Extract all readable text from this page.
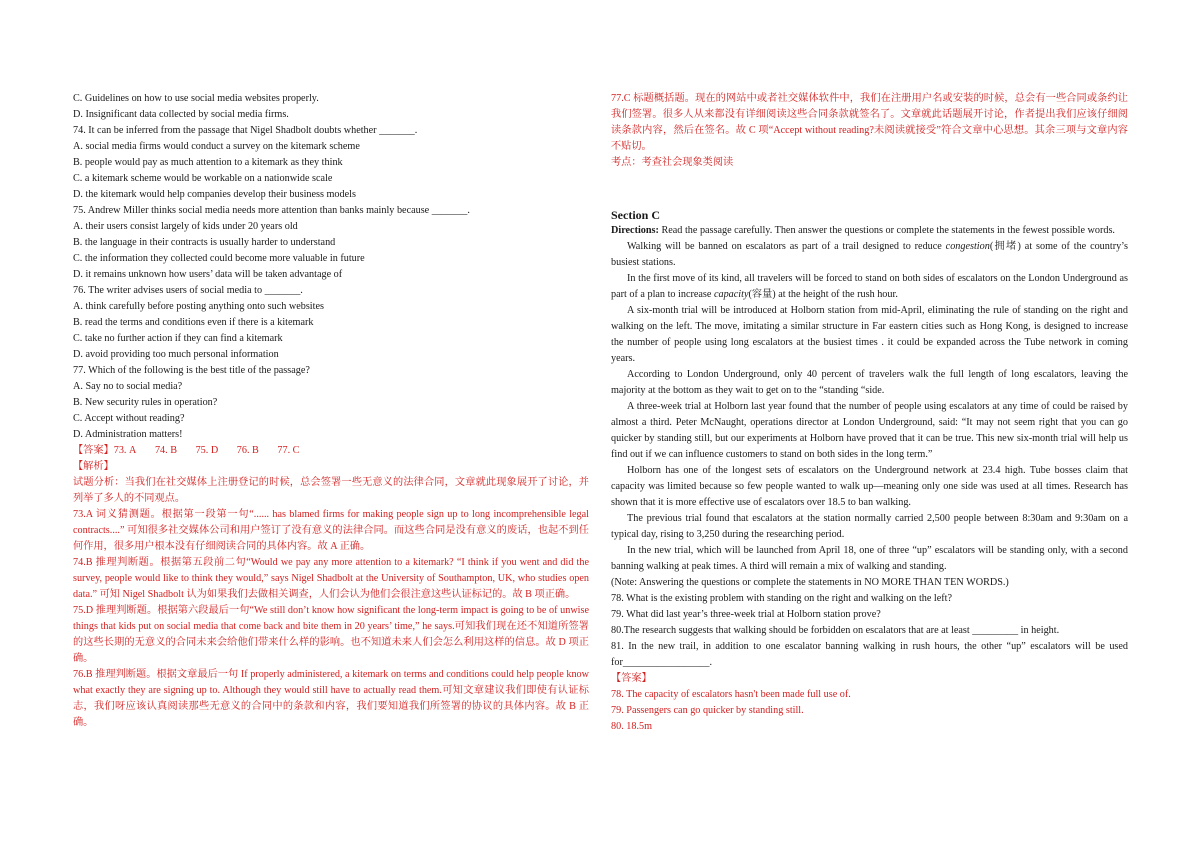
C. Guidelines on how to use social media websites properly.
D. Insignificant data collected by social media firms.
74. It can be inferred from the passage that Nigel Shadbolt doubts whether _______.
A. social media firms would conduct a survey on the kitemark scheme
B. people would pay as much attention to a kitemark as they think
C. a kitemark scheme would be workable on a nationwide scale
D. the kitemark would help companies develop their business models
75. Andrew Miller thinks social media needs more attention than banks mainly because _______.
A. their users consist largely of kids under 20 years old
B. the language in their contracts is usually harder to understand
C. the information they collected could become more valuable in future
D. it remains unknown how users’ data will be taken advantage of
76. The writer advises users of social media to _______.
A. think carefully before posting anything onto such websites
B. read the terms and conditions even if there is a kitemark
C. take no further action if they can find a kitemark
D. avoid providing too much personal information
77. Which of the following is the best title of the passage?
A. Say no to social media?
B. New security rules in operation?
C. Accept without reading?
D. Administration matters!
【答案】73. A 74. B 75. D 76. B 77. C
【解析】

试题分析：当我们在社交媒体上注册登记的时候，总会签署一些无意义的法律合同，文章就此现象展开了讨论，并列举了多人的不同观点。

73.A 词义猜测题。根据第一段第一句“...... has blamed firms for making people sign up to long incomprehensible legal contracts....” 可知很多社交媒体公司和用户签订了没有意义的法律合同。而这些合同是没有意义的废话，也起不到任何作用，很多用户根本没有仔细阅读合同的具体内容。故 A 正确。

74.B 推理判断题。根据第五段前二句“Would we pay any more attention to a kitemark? “I think if you went and did the survey, people would like to think they would,” says Nigel Shadbolt at the University of Southampton, UK, who studies open data.” 可知 Nigel Shadbolt 认为如果我们去做相关调查，人们会认为他们会很注意这些认证标记的。故 B 项正确。

75.D 推理判断题。根据第六段最后一句“We still don’t know how significant the long-term impact is going to be of unwise things that kids put on social media that come back and bite them in 20 years’ time,” he says.可知我们现在还不知道所签署的这些长期的无意义的合同未来会给他们带来什么样的影响。也不知道未来人们会怎么利用这样的信息。故 D 项正确。

76.B 推理判断题。根据文章最后一句 If properly administered, a kitemark on terms and conditions could help people know what exactly they are signing up to. Although they would still have to actually read them.可知文章建议我们即使有认证标志，我们呀应该认真阅读那些无意义的合同中的条款和内容，我们要知道我们所签署的协议的具体内容。故 B 正确。

77.C 标题概括题。现在的网站中或者社交媒体软件中，我们在注册用户名或安装的时候，总会有一些合同或条约让我们签署。很多人从来都没有详细阅读这些合同条款就签名了。文章就此话题展开讨论，作者提出我们应该仔细阅读条款内容，然后在签名。故 C 项“Accept without reading?未阅读就接受”符合文章中心思想。其余三项与文章内容不贴切。

考点：考查社会现象类阅读
Section C

Directions: Read the passage carefully. Then answer the questions or complete the statements in the fewest possible words.

Walking will be banned on escalators as part of a trail designed to reduce congestion(拥堵) at some of the country’s busiest stations.

In the first move of its kind, all travelers will be forced to stand on both sides of escalators on the London Underground as part of a plan to increase capacity(容量) at the height of the rush hour.

A six-month trial will be introduced at Holborn station from mid-April, eliminating the rule of standing on the right and walking on the left. The move, imitating a similar structure in Far eastern cities such as Hong Kong, is designed to increase the number of people using long escalators at the busiest times . it could be expanded across the Tube network in coming years.

According to London Underground, only 40 percent of travelers walk the full length of long escalators, leaving the majority at the bottom as they wait to get on to the “standing “side.

A three-week trial at Holborn last year found that the number of people using escalators at any time of could be raised by almost a third. Peter McNaught, operations director at London Underground, said: “It may not seem right that you can go quicker by standing still, but our experiments at Holborn have proved that it can be true. This new six-month trial will help us find out if we can influence customers to stand on both sides in the long term.”

Holborn has one of the longest sets of escalators on the Underground network at 23.4 high. Tube bosses claim that capacity was limited because so few people wanted to walk up—meaning only one side was used at all times. Research has shown that it is more effective use of escalators over 18.5 to ban walking.

The previous trial found that escalators at the station normally carried 2,500 people between 8:30am and 9:30am on a typical day, rising to 3,250 during the researching period.

In the new trial, which will be launched from April 18, one of three “up” escalators will be standing only, with a second banning walking at peak times. A third will remain a mix of walking and standing.

(Note: Answering the questions or complete the statements in NO MORE THAN TEN WORDS.)
78. What is the existing problem with standing on the right and walking on the left?
79. What did last year’s three-week trial at Holborn station prove?
80.The research suggests that walking should be forbidden on escalators that are at least _________ in height.

81. In the new trail, in addition to one escalator banning walking in rush hours, the other “up” escalators will be used for_________________.

【答案】
78. The capacity of escalators hasn't been made full use of.
79. Passengers can go quicker by standing still.
80. 18.5m
